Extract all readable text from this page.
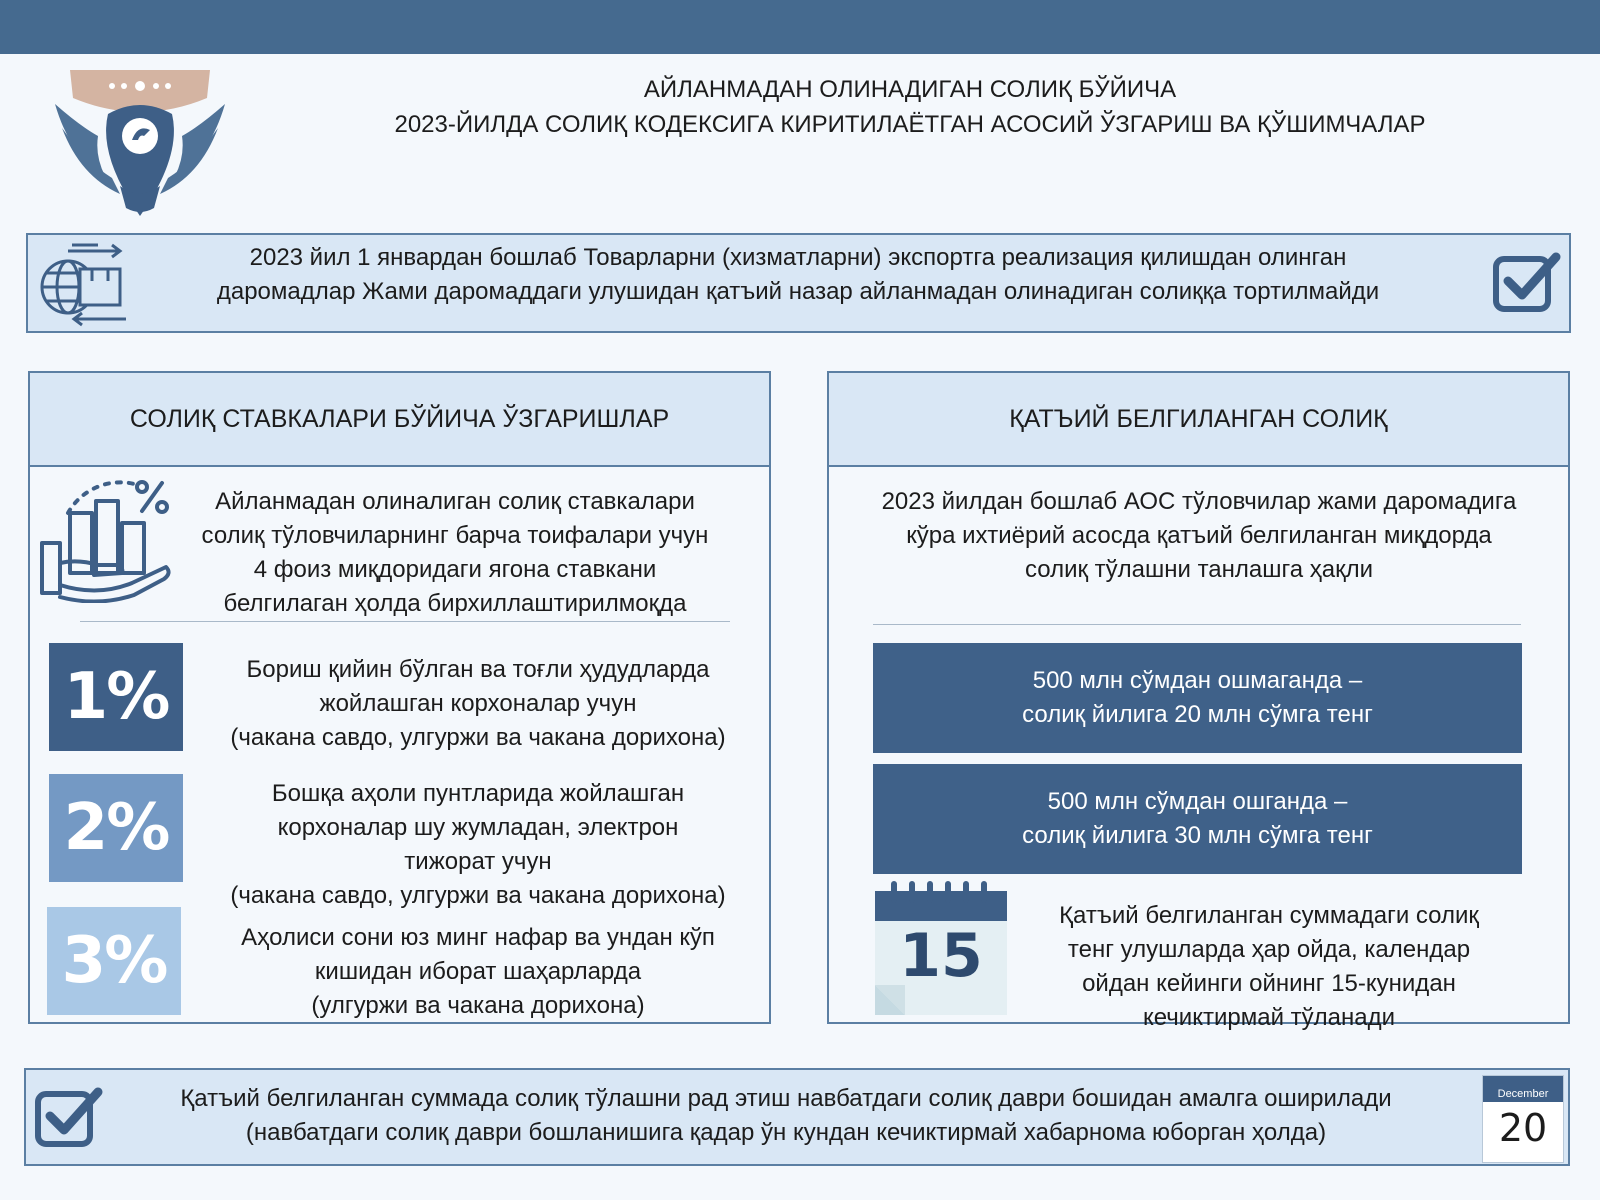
АЙЛАНМАДАН ОЛИНАДИГАН СОЛИҚ БЎЙИЧА
2023-ЙИЛДА СОЛИҚ КОДЕКСИГА КИРИТИЛАЁТГАН АСОСИЙ ЎЗГАРИШ ВА ҚЎШИМЧАЛАР
2023 йил 1 январдан бошлаб Товарларни (хизматларни) экспортга реализация қилишдан олинган
даромадлар Жами даромаддаги улушидан қатъий назар айланмадан олинадиган солиққа тортилмайди
СОЛИҚ СТАВКАЛАРИ БЎЙИЧА ЎЗГАРИШЛАР
Айланмадан олиналиган солиқ ставкалари
солиқ тўловчиларнинг барча тоифалари учун
4 фоиз миқдоридаги ягона ставкани
белгилаган ҳолда бирхиллаштирилмоқда
1%	Бориш қийин бўлган ва тоғли ҳудудларда
жойлашган корхоналар учун
(чакана савдо, улгуржи ва чакана дорихона)
2%	Бошқа аҳоли пунтларида жойлашган
корхоналар шу жумладан, электрон
тижорат учун
(чакана савдо, улгуржи ва чакана дорихона)
3%	Аҳолиси сони юз минг нафар ва ундан кўп
кишидан иборат шаҳарларда
(улгуржи ва чакана дорихона)
ҚАТЪИЙ БЕЛГИЛАНГАН СОЛИҚ
2023 йилдан бошлаб АОС тўловчилар жами даромадига
кўра ихтиёрий асосда қатъий белгиланган миқдорда
солиқ тўлашни танлашга ҳақли
500 млн сўмдан ошмаганда –
солиқ йилига 20 млн сўмга тенг
500 млн сўмдан ошганда –
солиқ йилига 30 млн сўмга тенг
15
Қатъий белгиланган суммадаги солиқ
тенг улушларда ҳар ойда, календар
ойдан кейинги ойнинг 15-кунидан
кечиктирмай тўланади
Қатъий белгиланган суммада солиқ тўлашни рад этиш навбатдаги солиқ даври бошидан амалга оширилади
(навбатдаги солиқ даври бошланишига қадар ўн кундан кечиктирмай хабарнома юборган ҳолда)
December
20
